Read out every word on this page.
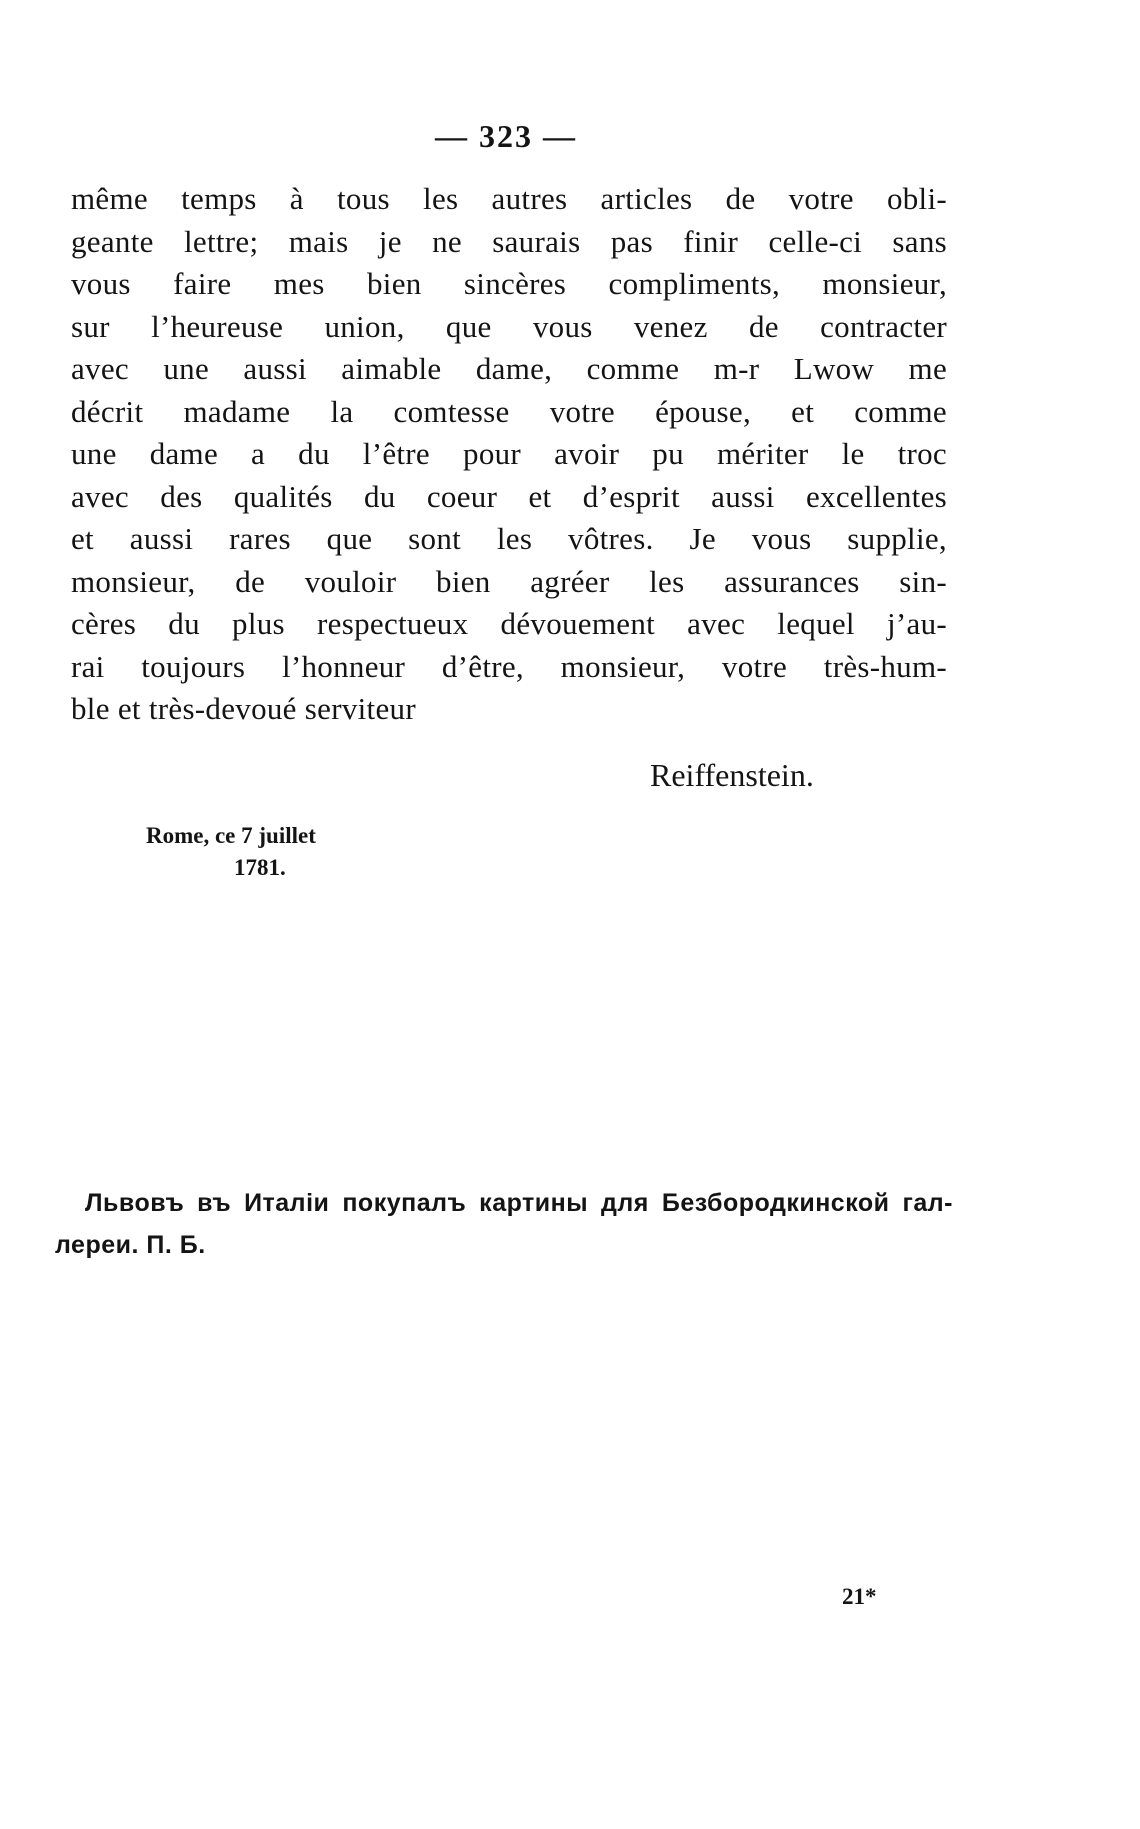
— 323 —
même temps à tous les autres articles de votre obli-
geante lettre; mais je ne saurais pas finir celle-ci sans
vous faire mes bien sincères compliments, monsieur,
sur l’heureuse union, que vous venez de contracter
avec une aussi aimable dame, comme m-r Lwow me
décrit madame la comtesse votre épouse, et comme
une dame a du l’être pour avoir pu mériter le troc
avec des qualités du coeur et d’esprit aussi excellentes
et aussi rares que sont les vôtres. Je vous supplie,
monsieur, de vouloir bien agréer les assurances sin-
cères du plus respectueux dévouement avec lequel j’au-
rai toujours l’honneur d’être, monsieur, votre très-hum-
ble et très-devoué serviteur
Reiffenstein.
Rome, ce 7 juillet
1781.
Львовъ въ Италіи покупалъ картины для Безбородкинской гал-
лереи. П. Б.
21*
